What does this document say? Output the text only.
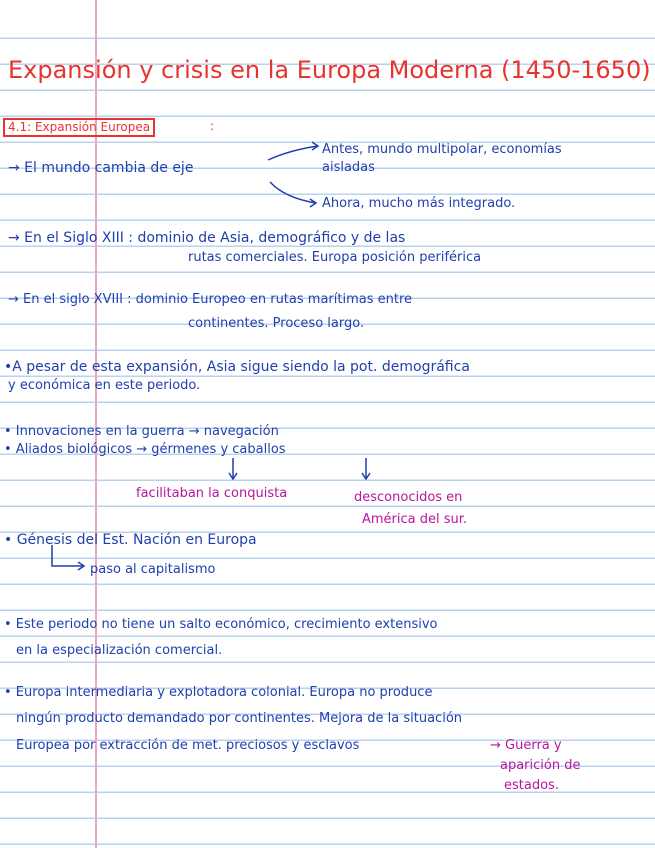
Expansión y crisis en la Europa Moderna (1450-1650)
4.1: Expansión Europea	:
→ El mundo cambia de eje
Antes, mundo multipolar, economías
aisladas
Ahora, mucho más integrado.
→ En el Siglo XIII : dominio de Asia, demográfico y de las
rutas comerciales. Europa posición periférica
→ En el siglo XVIII : dominio Europeo en rutas marítimas entre
continentes. Proceso largo.
•A pesar de esta expansión, Asia sigue siendo la pot. demográfica
y económica en este periodo.
• Innovaciones en la guerra → navegación
• Aliados biológicos → gérmenes y caballos
facilitaban la conquista	desconocidos en
América del sur.
• Génesis del Est. Nación en Europa
paso al capitalismo
• Este periodo no tiene un salto económico, crecimiento extensivo
en la especialización comercial.
• Europa intermediaria y explotadora colonial. Europa no produce
ningún producto demandado por continentes. Mejora de la situación
Europea por extracción de met. preciosos y esclavos	→ Guerra y
aparición de
estados.
